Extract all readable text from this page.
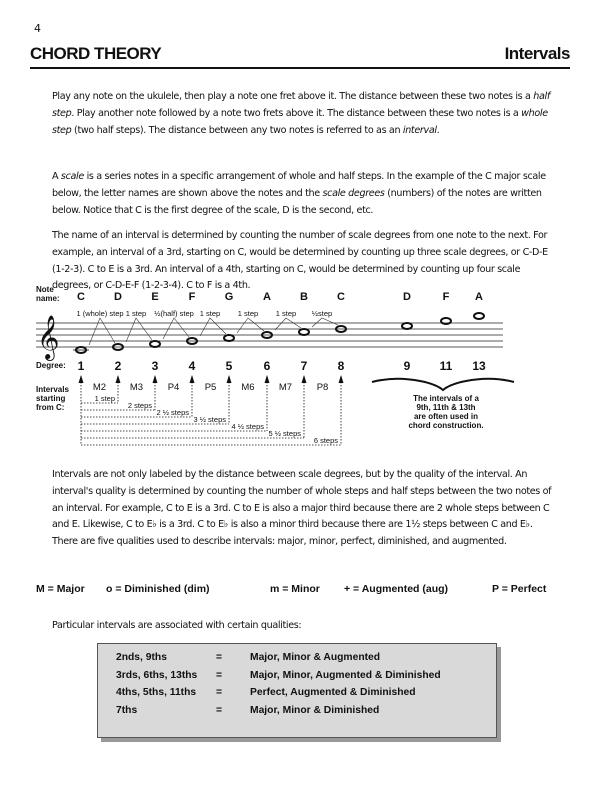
4
CHORD THEORY	Intervals

Play any note on the ukulele, then play a note one fret above it. The distance between these two notes is a half step. Play another note followed by a note two frets above it. The distance between these two notes is a whole step (two half steps). The distance between any two notes is referred to as an interval.

A scale is a series notes in a specific arrangement of whole and half steps. In the example of the C major scale below, the letter names are shown above the notes and the scale degrees (numbers) of the notes are written below. Notice that C is the first degree of the scale, D is the second, etc.

The name of an interval is determined by counting the number of scale degrees from one note to the next. For example, an interval of a 3rd, starting on C, would be determined by counting up three scale degrees, or C-D-E (1-2-3). C to E is a 3rd. An interval of a 4th, starting on C, would be determined by counting up four scale degrees, or C-D-E-F (1-2-3-4). C to F is a 4th.

Note
name:
Intervals
starting
from C:
Degree:
𝄞
C
1
D
2
E
3
F
4
G
5
A
6
B
7
C
8
D
9
F
11
A
13
1 (whole) step 1 step ½(half) step 1 step 1 step 1 step ½step
M2	M3	P4	P5	M6	M7	P8
1 step
2 steps
2 ½ steps
3 ½ steps
4 ½ steps
5 ½ steps
6 steps
The intervals of a
9th, 11th & 13th
are often used in
chord construction.

Intervals are not only labeled by the distance between scale degrees, but by the quality of the interval. An interval's quality is determined by counting the number of whole steps and half steps between the two notes of an interval. For example, C to E is a 3rd. C to E is also a major third because there are 2 whole steps between C and E. Likewise, C to E♭ is a 3rd. C to E♭ is also a minor third because there are 1½ steps between C and E♭. There are five qualities used to describe intervals: major, minor, perfect, diminished, and augmented.

M = Major o = Diminished (dim)	m = Minor + = Augmented (aug)	P = Perfect

Particular intervals are associated with certain qualities:

2nds, 9ths	=	Major, Minor & Augmented
3rds, 6ths, 13ths =	Major, Minor, Augmented & Diminished
4ths, 5ths, 11ths =	Perfect, Augmented & Diminished
7ths	=	Major, Minor & Diminished
